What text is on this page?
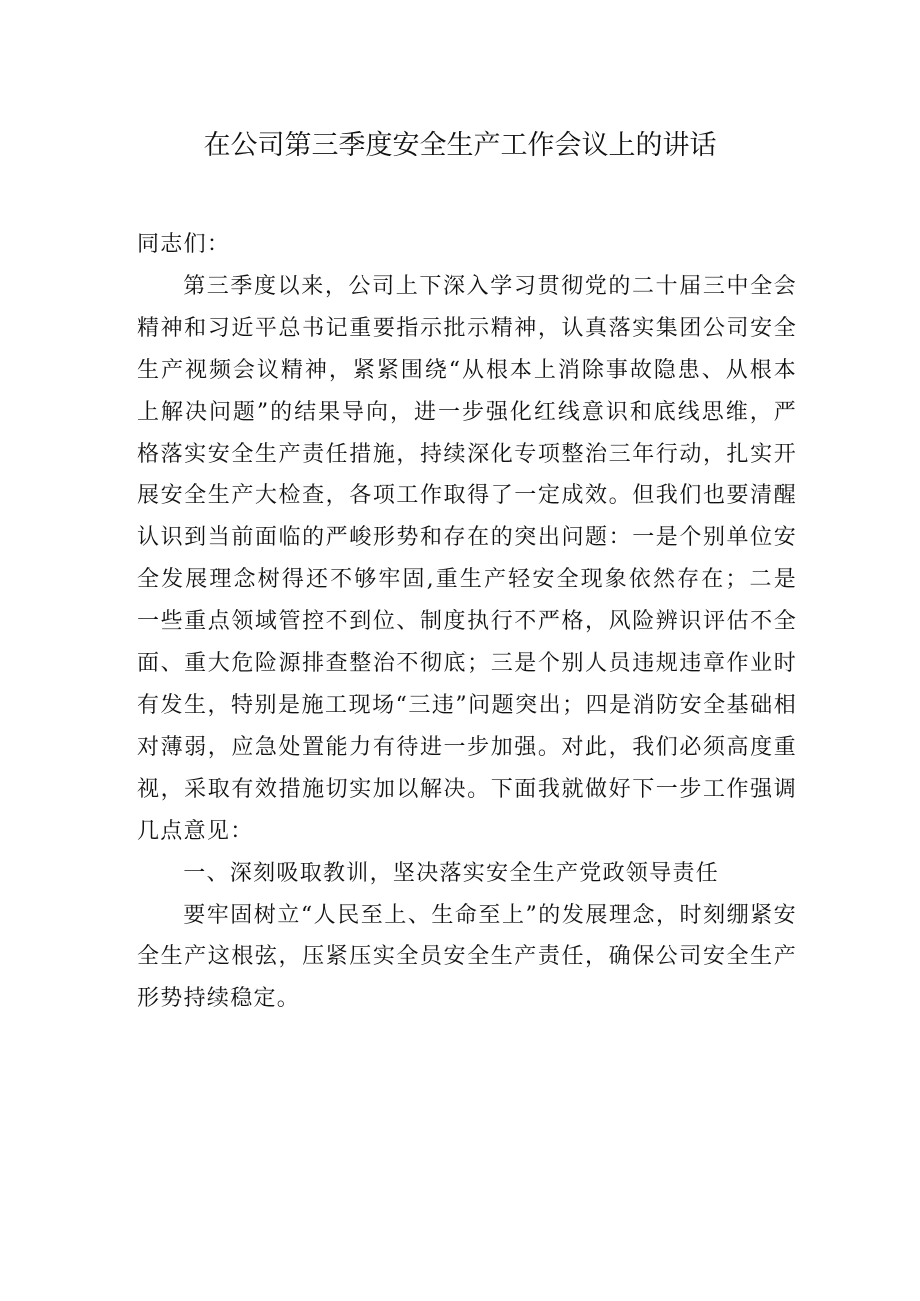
在公司第三季度安全生产工作会议上的讲话

同志们：

第三季度以来，公司上下深入学习贯彻党的二十届三中全会精神和习近平总书记重要指示批示精神，认真落实集团公司安全生产视频会议精神，紧紧围绕“从根本上消除事故隐患、从根本上解决问题”的结果导向，进一步强化红线意识和底线思维，严格落实安全生产责任措施，持续深化专项整治三年行动，扎实开展安全生产大检查，各项工作取得了一定成效。但我们也要清醒认识到当前面临的严峻形势和存在的突出问题：一是个别单位安全发展理念树得还不够牢固,重生产轻安全现象依然存在；二是一些重点领域管控不到位、制度执行不严格，风险辨识评估不全面、重大危险源排查整治不彻底；三是个别人员违规违章作业时有发生，特别是施工现场“三违”问题突出；四是消防安全基础相对薄弱，应急处置能力有待进一步加强。对此，我们必须高度重视，采取有效措施切实加以解决。下面我就做好下一步工作强调几点意见：

一、深刻吸取教训，坚决落实安全生产党政领导责任

要牢固树立“人民至上、生命至上”的发展理念，时刻绷紧安全生产这根弦，压紧压实全员安全生产责任，确保公司安全生产形势持续稳定。
